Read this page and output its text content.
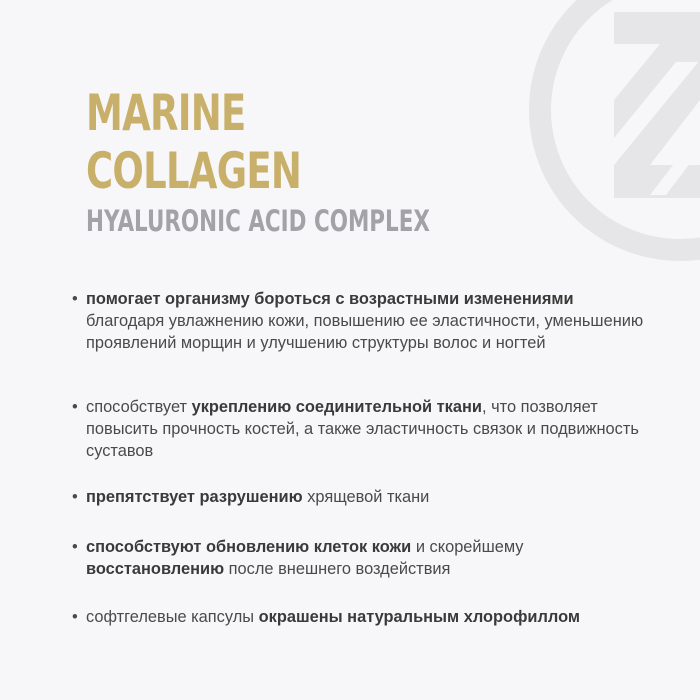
MARINE
COLLAGEN
HYALURONIC ACID COMPLEX
• помогает организму бороться с возрастными изменениями благодаря увлажнению кожи, повышению ее эластичности, уменьшению проявлений морщин и улучшению структуры волос и ногтей
• способствует укреплению соединительной ткани, что позволяет повысить прочность костей, а также эластичность связок и подвижность суставов
• препятствует разрушению хрящевой ткани
• способствуют обновлению клеток кожи и скорейшему восстановлению после внешнего воздействия
• софтгелевые капсулы окрашены натуральным хлорофиллом
